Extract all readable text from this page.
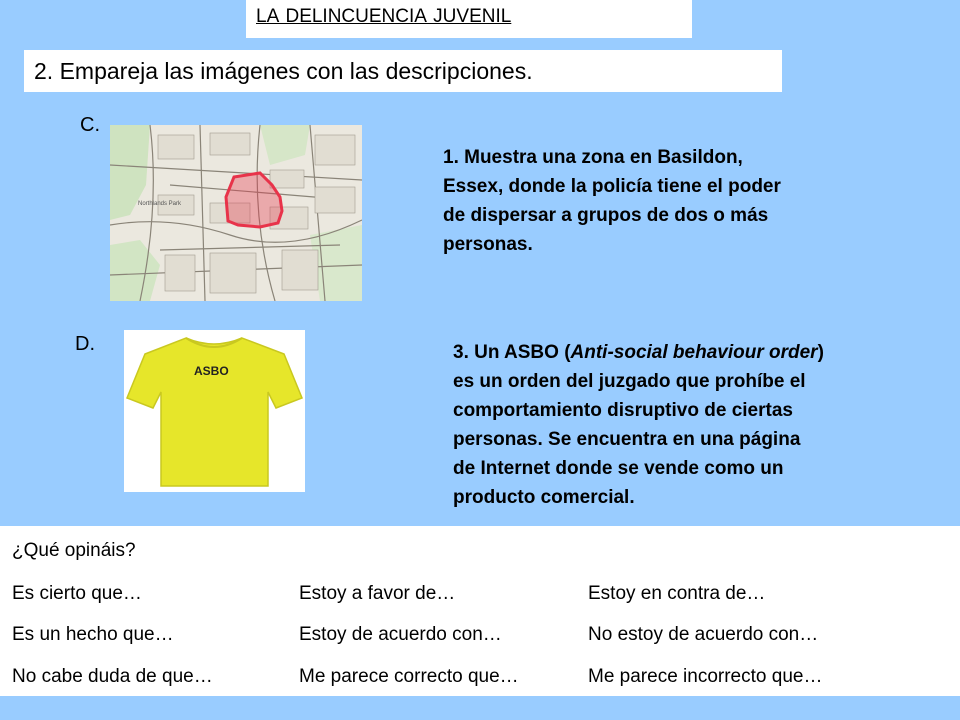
LA DELINCUENCIA JUVENIL
2. Empareja las imágenes con las descripciones.
C.
Northlands Park
1. Muestra una zona en Basildon,
Essex, donde la policía tiene el poder
de dispersar a grupos de dos o más
personas.
D.
ASBO
3. Un ASBO (Anti-social behaviour order)
es un orden del juzgado que prohíbe el
comportamiento disruptivo de ciertas
personas. Se encuentra en una página
de Internet donde se vende como un
producto comercial.
¿Qué opináis?
Es cierto que…	Estoy a favor de…	Estoy en contra de…
Es un hecho que…	Estoy de acuerdo con…	No estoy de acuerdo con…
No cabe duda de que…	Me parece correcto que…	Me parece incorrecto que…
